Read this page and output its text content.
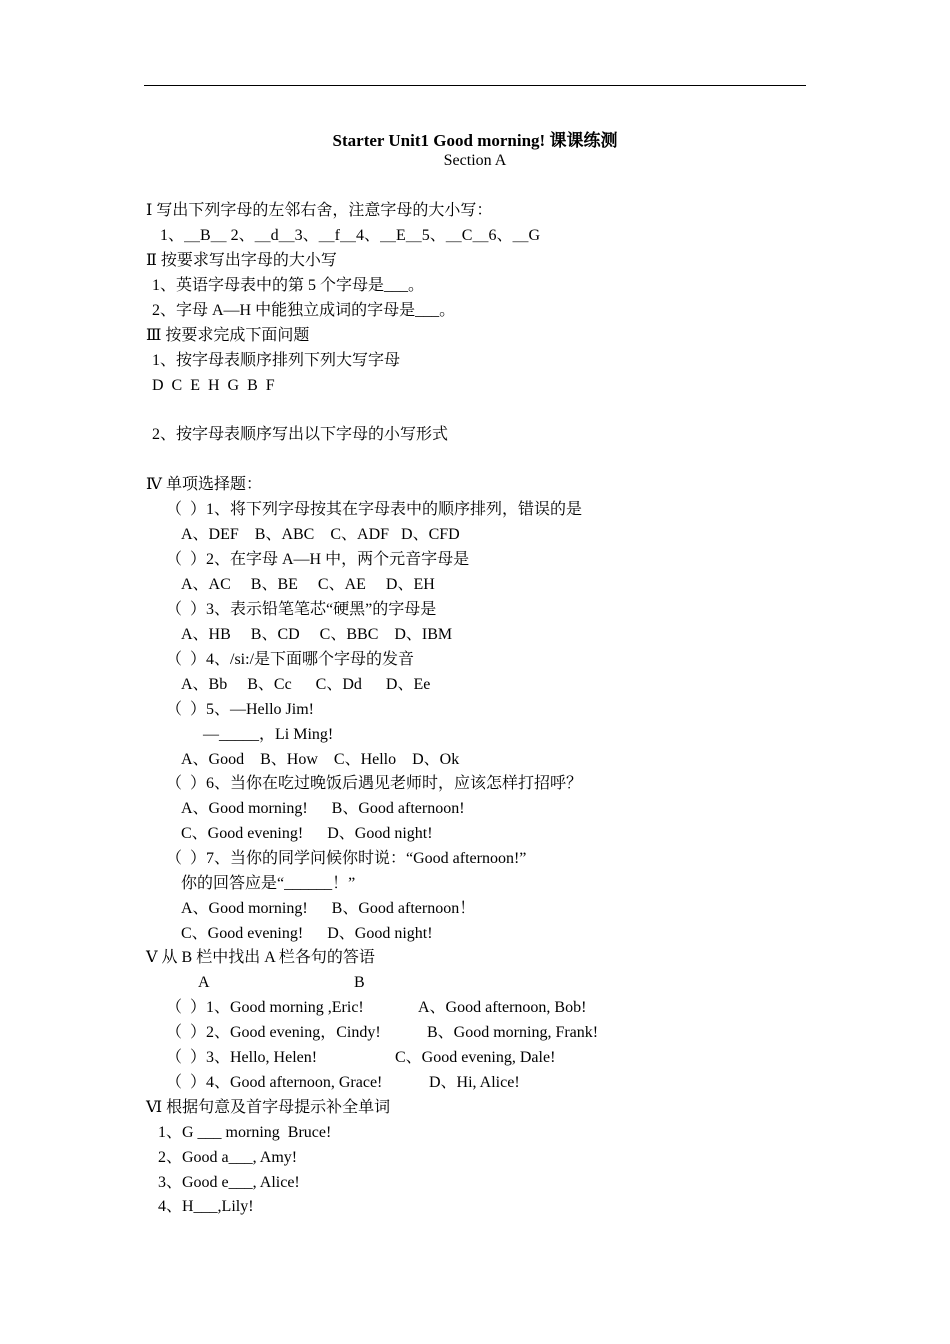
Starter Unit1 Good morning! 课课练测
Section A
Ⅰ 写出下列字母的左邻右舍，注意字母的大小写：
1、＿B＿ 2、＿d＿3、＿f＿4、＿E＿5、＿C＿6、＿G
Ⅱ 按要求写出字母的大小写
1、英语字母表中的第 5 个字母是___。
2、字母 A—H 中能独立成词的字母是___。
Ⅲ 按要求完成下面问题
1、按字母表顺序排列下列大写字母
D  C  E  H  G  B  F
2、按字母表顺序写出以下字母的小写形式
Ⅳ 单项选择题：
（  ）1、将下列字母按其在字母表中的顺序排列，错误的是
A、DEF    B、ABC    C、ADF   D、CFD
（  ）2、在字母 A—H 中，两个元音字母是
A、AC     B、BE     C、AE     D、EH
（  ）3、表示铅笔笔芯“硬黑”的字母是
A、HB     B、CD     C、BBC    D、IBM
（  ）4、/si:/是下面哪个字母的发音
A、Bb     B、Cc      C、Dd      D、Ee
（  ）5、—Hello Jim!
—_____，Li Ming!
A、Good    B、How    C、Hello    D、Ok
（  ）6、当你在吃过晚饭后遇见老师时，应该怎样打招呼？
A、Good morning!      B、Good afternoon!
C、Good evening!      D、Good night!
（  ）7、当你的同学问候你时说：“Good afternoon!”
你的回答应是“______！”
A、Good morning!      B、Good afternoon！
C、Good evening!      D、Good night!
Ⅴ 从 B 栏中找出 A 栏各句的答语
A	B
（  ）1、Good morning ,Eric!	A、Good afternoon, Bob!
（  ）2、Good evening，Cindy!	B、Good morning, Frank!
（  ）3、Hello, Helen!	C、Good evening, Dale!
（  ）4、Good afternoon, Grace!	D、Hi, Alice!
Ⅵ 根据句意及首字母提示补全单词
1、G ___ morning  Bruce!
2、Good a___, Amy!
3、Good e___, Alice!
4、H___,Lily!
